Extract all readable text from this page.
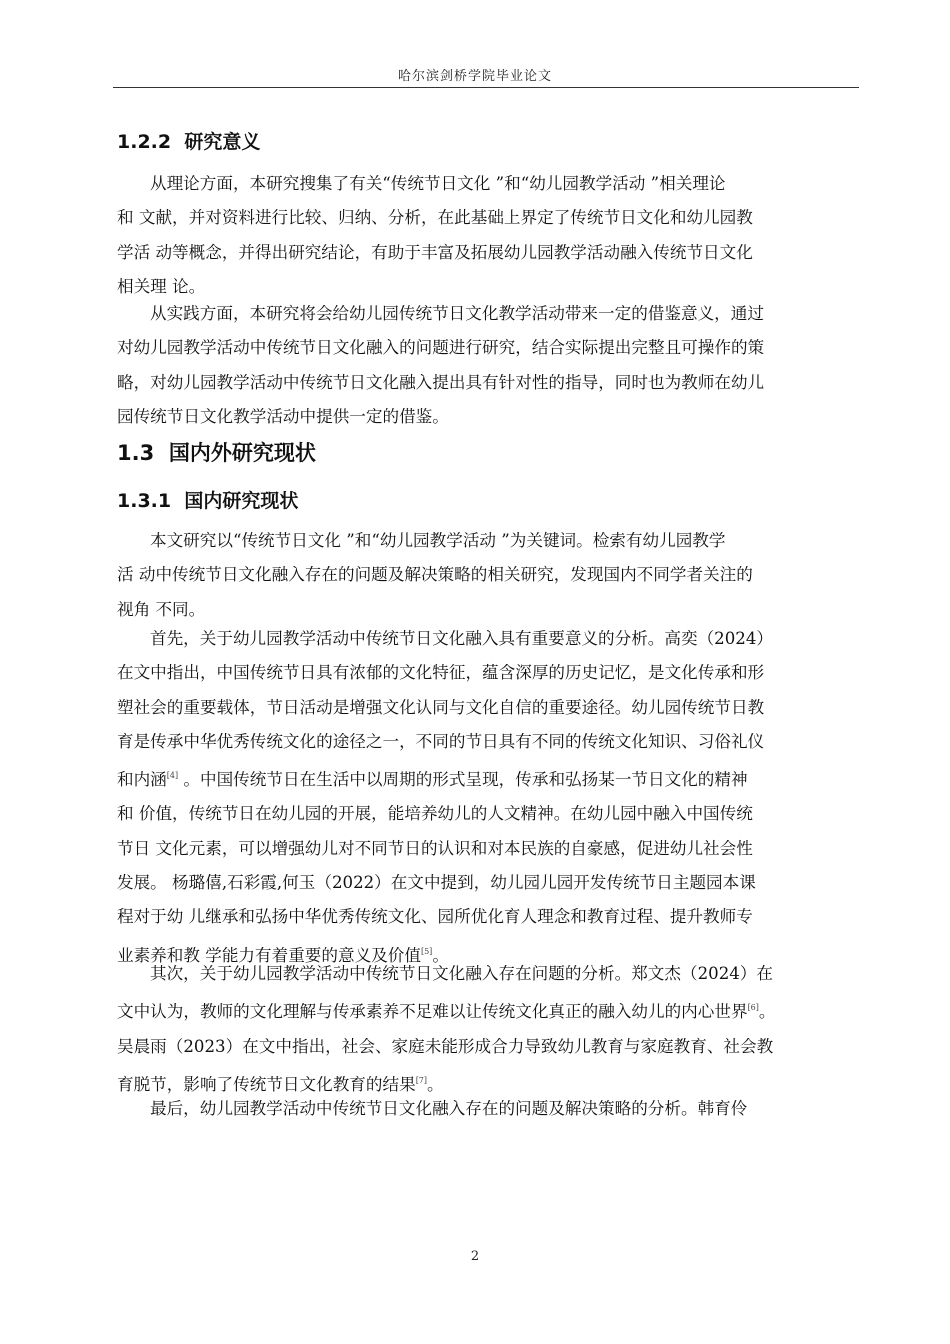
哈尔滨剑桥学院毕业论文
1.2.2 研究意义

从理论方面，本研究搜集了有关“传统节日文化 ”和“幼儿园教学活动 ”相关理论
和 文献，并对资料进行比较、归纳、分析，在此基础上界定了传统节日文化和幼儿园教
学活 动等概念，并得出研究结论，有助于丰富及拓展幼儿园教学活动融入传统节日文化
相关理 论。

从实践方面，本研究将会给幼儿园传统节日文化教学活动带来一定的借鉴意义，通过
对幼儿园教学活动中传统节日文化融入的问题进行研究，结合实际提出完整且可操作的策
略，对幼儿园教学活动中传统节日文化融入提出具有针对性的指导，同时也为教师在幼儿
园传统节日文化教学活动中提供一定的借鉴。

1.3 国内外研究现状
1.3.1 国内研究现状

本文研究以“传统节日文化 ”和“幼儿园教学活动 ”为关键词。检索有幼儿园教学
活 动中传统节日文化融入存在的问题及解决策略的相关研究，发现国内不同学者关注的
视角 不同。

首先，关于幼儿园教学活动中传统节日文化融入具有重要意义的分析。高奕（2024）
在文中指出，中国传统节日具有浓郁的文化特征，蕴含深厚的历史记忆，是文化传承和形
塑社会的重要载体，节日活动是增强文化认同与文化自信的重要途径。幼儿园传统节日教
育是传承中华优秀传统文化的途径之一，不同的节日具有不同的传统文化知识、习俗礼仪
和内涵[4] 。中国传统节日在生活中以周期的形式呈现，传承和弘扬某一节日文化的精神
和 价值，传统节日在幼儿园的开展，能培养幼儿的人文精神。在幼儿园中融入中国传统
节日 文化元素，可以增强幼儿对不同节日的认识和对本民族的自豪感，促进幼儿社会性
发展。 杨璐僖,石彩霞,何玉（2022）在文中提到，幼儿园儿园开发传统节日主题园本课
程对于幼 儿继承和弘扬中华优秀传统文化、园所优化育人理念和教育过程、提升教师专
业素养和教 学能力有着重要的意义及价值[5]。

其次，关于幼儿园教学活动中传统节日文化融入存在问题的分析。郑文杰（2024）在
文中认为，教师的文化理解与传承素养不足难以让传统文化真正的融入幼儿的内心世界[6]。
吴晨雨（2023）在文中指出，社会、家庭未能形成合力导致幼儿教育与家庭教育、社会教
育脱节，影响了传统节日文化教育的结果[7]。

最后，幼儿园教学活动中传统节日文化融入存在的问题及解决策略的分析。韩育伶

2
